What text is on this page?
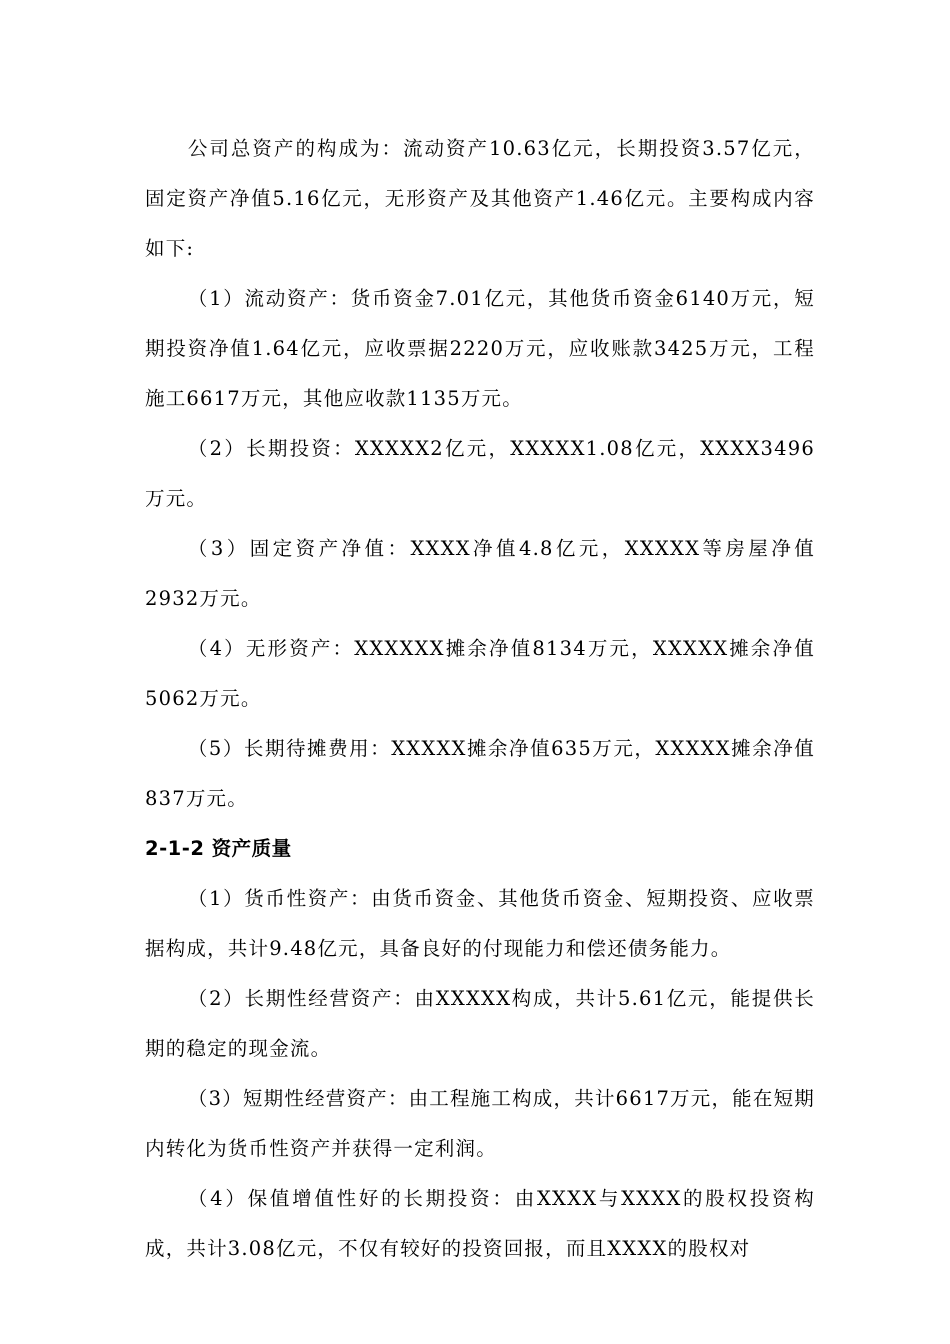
公司总资产的构成为：流动资产10.63亿元，长期投资3.57亿元，固定资产净值5.16亿元，无形资产及其他资产1.46亿元。主要构成内容如下:

（1）流动资产：货币资金7.01亿元，其他货币资金6140万元，短期投资净值1.64亿元，应收票据2220万元，应收账款3425万元，工程施工6617万元，其他应收款1135万元。

（2）长期投资：XXXXX2亿元，XXXXX1.08亿元，XXXX3496万元。

（3）固定资产净值：XXXX净值4.8亿元，XXXXX等房屋净值2932万元。

（4）无形资产：XXXXXX摊余净值8134万元，XXXXX摊余净值5062万元。

（5）长期待摊费用：XXXXX摊余净值635万元，XXXXX摊余净值837万元。

2-1-2 资产质量

（1）货币性资产：由货币资金、其他货币资金、短期投资、应收票据构成，共计9.48亿元，具备良好的付现能力和偿还债务能力。

（2）长期性经营资产：由XXXXX构成，共计5.61亿元，能提供长期的稳定的现金流。

（3）短期性经营资产：由工程施工构成，共计6617万元，能在短期内转化为货币性资产并获得一定利润。

（4）保值增值性好的长期投资：由XXXX与XXXX的股权投资构成，共计3.08亿元，不仅有较好的投资回报，而且XXXX的股权对
